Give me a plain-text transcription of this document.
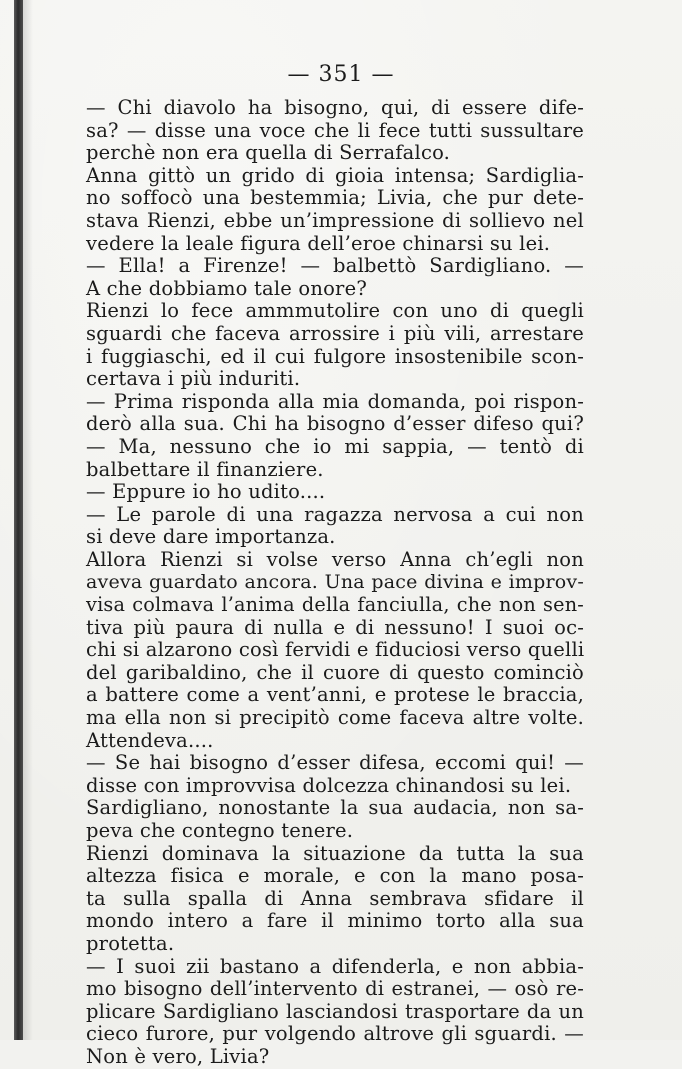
— 351 —
— Chi diavolo ha bisogno, qui, di essere dife-
sa? — disse una voce che li fece tutti sussultare
perchè non era quella di Serrafalco.
Anna gittò un grido di gioia intensa; Sardiglia-
no soffocò una bestemmia; Livia, che pur dete-
stava Rienzi, ebbe un’impressione di sollievo nel
vedere la leale figura dell’eroe chinarsi su lei.
— Ella! a Firenze! — balbettò Sardigliano. —
A che dobbiamo tale onore?
Rienzi lo fece ammmutolire con uno di quegli
sguardi che faceva arrossire i più vili, arrestare
i fuggiaschi, ed il cui fulgore insostenibile scon-
certava i più induriti.
— Prima risponda alla mia domanda, poi rispon-
derò alla sua. Chi ha bisogno d’esser difeso qui?
— Ma, nessuno che io mi sappia, — tentò di
balbettare il finanziere.
— Eppure io ho udito....
— Le parole di una ragazza nervosa a cui non
si deve dare importanza.
Allora Rienzi si volse verso Anna ch’egli non
aveva guardato ancora. Una pace divina e improv-
visa colmava l’anima della fanciulla, che non sen-
tiva più paura di nulla e di nessuno! I suoi oc-
chi si alzarono così fervidi e fiduciosi verso quelli
del garibaldino, che il cuore di questo cominciò
a battere come a vent’anni, e protese le braccia,
ma ella non si precipitò come faceva altre volte.
Attendeva....
— Se hai bisogno d’esser difesa, eccomi qui! —
disse con improvvisa dolcezza chinandosi su lei.
Sardigliano, nonostante la sua audacia, non sa-
peva che contegno tenere.
Rienzi dominava la situazione da tutta la sua
altezza fisica e morale, e con la mano posa-
ta sulla spalla di Anna sembrava sfidare il
mondo intero a fare il minimo torto alla sua
protetta.
— I suoi zii bastano a difenderla, e non abbia-
mo bisogno dell’intervento di estranei, — osò re-
plicare Sardigliano lasciandosi trasportare da un
cieco furore, pur volgendo altrove gli sguardi. —
Non è vero, Livia?
